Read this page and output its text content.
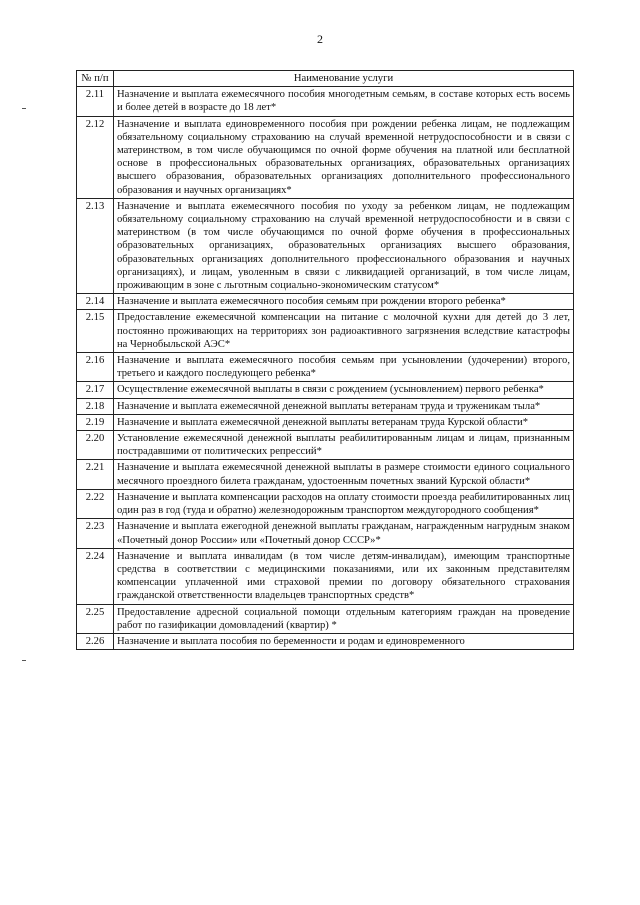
2
№ п/п	Наименование услуги
2.11	Назначение и выплата ежемесячного пособия многодетным семьям, в составе которых есть восемь и более детей в возрасте до 18 лет*
2.12	Назначение и выплата единовременного пособия при рождении ребенка лицам, не подлежащим обязательному социальному страхованию на случай временной нетрудоспособности и в связи с материнством, в том числе обучающимся по очной форме обучения на платной или бесплатной основе в профессиональных образовательных организациях, образовательных организациях высшего образования, образовательных организациях дополнительного профессионального образования и научных организациях*
2.13	Назначение и выплата ежемесячного пособия по уходу за ребенком лицам, не подлежащим обязательному социальному страхованию на случай временной нетрудоспособности и в связи с материнством (в том числе обучающимся по очной форме обучения в профессиональных образовательных организациях, образовательных организациях высшего образования, образовательных организациях дополнительного профессионального образования и научных организациях), и лицам, уволенным в связи с ликвидацией организаций, в том числе лицам, проживающим в зоне с льготным социально-экономическим статусом*
2.14	Назначение и выплата ежемесячного пособия семьям при рождении второго ребенка*
2.15	Предоставление ежемесячной компенсации на питание с молочной кухни для детей до 3 лет, постоянно проживающих на территориях зон радиоактивного загрязнения вследствие катастрофы на Чернобыльской АЭС*
2.16	Назначение и выплата ежемесячного пособия семьям при усыновлении (удочерении) второго, третьего и каждого последующего ребенка*
2.17	Осуществление ежемесячной выплаты в связи с рождением (усыновлением) первого ребенка*
2.18	Назначение и выплата ежемесячной денежной выплаты ветеранам труда и труженикам тыла*
2.19	Назначение и выплата ежемесячной денежной выплаты ветеранам труда Курской области*
2.20	Установление ежемесячной денежной выплаты реабилитированным лицам и лицам, признанным пострадавшими от политических репрессий*
2.21	Назначение и выплата ежемесячной денежной выплаты в размере стоимости единого социального месячного проездного билета гражданам, удостоенным почетных званий Курской области*
2.22	Назначение и выплата компенсации расходов на оплату стоимости проезда реабилитированных лиц один раз в год (туда и обратно) железнодорожным транспортом междугородного сообщения*
2.23	Назначение и выплата ежегодной денежной выплаты гражданам, награжденным нагрудным знаком «Почетный донор России» или «Почетный донор СССР»*
2.24	Назначение и выплата инвалидам (в том числе детям-инвалидам), имеющим транспортные средства в соответствии с медицинскими показаниями, или их законным представителям компенсации уплаченной ими страховой премии по договору обязательного страхования гражданской ответственности владельцев транспортных средств*
2.25	Предоставление адресной социальной помощи отдельным категориям граждан на проведение работ по газификации домовладений (квартир) *
2.26	Назначение и выплата пособия по беременности и родам и единовременного
